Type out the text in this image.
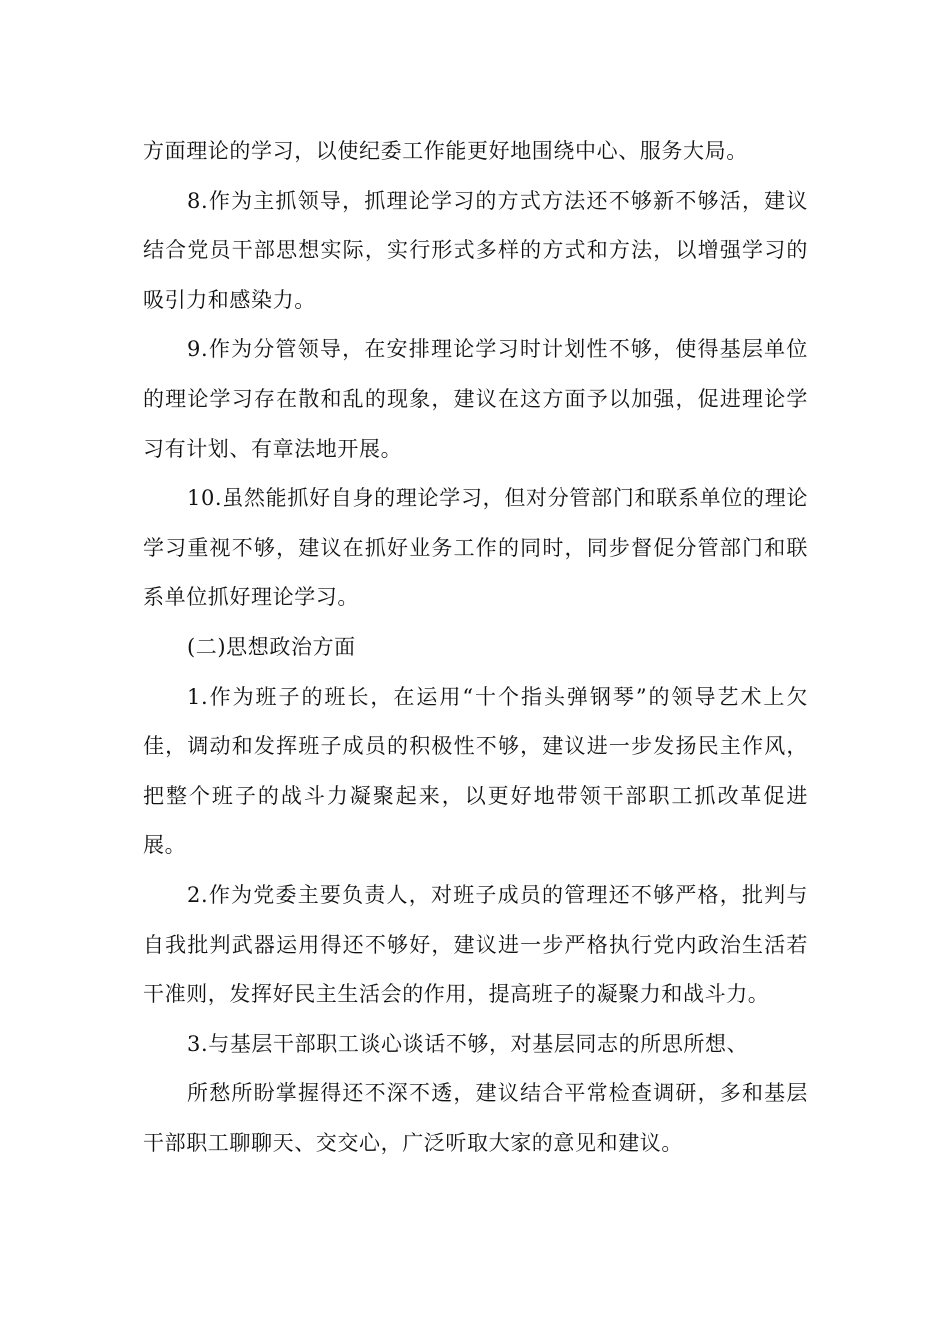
方面理论的学习，以使纪委工作能更好地围绕中心、服务大局。

8.作为主抓领导，抓理论学习的方式方法还不够新不够活，建议结合党员干部思想实际，实行形式多样的方式和方法，以增强学习的吸引力和感染力。

9.作为分管领导，在安排理论学习时计划性不够，使得基层单位的理论学习存在散和乱的现象，建议在这方面予以加强，促进理论学习有计划、有章法地开展。

10.虽然能抓好自身的理论学习，但对分管部门和联系单位的理论学习重视不够，建议在抓好业务工作的同时，同步督促分管部门和联系单位抓好理论学习。

(二)思想政治方面

1.作为班子的班长，在运用“十个指头弹钢琴”的领导艺术上欠佳，调动和发挥班子成员的积极性不够，建议进一步发扬民主作风，把整个班子的战斗力凝聚起来，以更好地带领干部职工抓改革促进展。

2.作为党委主要负责人，对班子成员的管理还不够严格，批判与自我批判武器运用得还不够好，建议进一步严格执行党内政治生活若干准则，发挥好民主生活会的作用，提高班子的凝聚力和战斗力。

3.与基层干部职工谈心谈话不够，对基层同志的所思所想、

所愁所盼掌握得还不深不透，建议结合平常检查调研，多和基层干部职工聊聊天、交交心，广泛听取大家的意见和建议。
